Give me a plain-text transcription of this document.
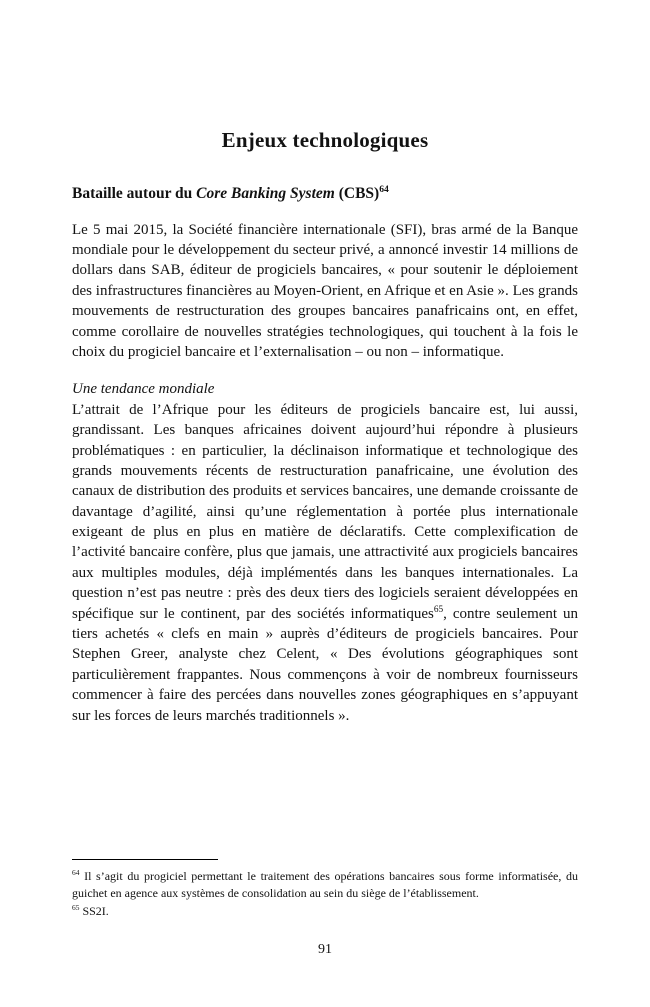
Enjeux technologiques
Bataille autour du Core Banking System (CBS)$^{64}$

Le 5 mai 2015, la Société financière internationale (SFI), bras armé de la Banque mondiale pour le développement du secteur privé, a annoncé investir 14 millions de dollars dans SAB, éditeur de progiciels bancaires, « pour soutenir le déploiement des infrastructures financières au Moyen-Orient, en Afrique et en Asie ». Les grands mouvements de restructuration des groupes bancaires panafricains ont, en effet, comme corollaire de nouvelles stratégies technologiques, qui touchent à la fois le choix du progiciel bancaire et l’externalisation – ou non – informatique.

Une tendance mondiale

L’attrait de l’Afrique pour les éditeurs de progiciels bancaire est, lui aussi, grandissant. Les banques africaines doivent aujourd’hui répondre à plusieurs problématiques : en particulier, la déclinaison informatique et technologique des grands mouvements récents de restructuration panafricaine, une évolution des canaux de distribution des produits et services bancaires, une demande croissante de davantage d’agilité, ainsi qu’une réglementation à portée plus internationale exigeant de plus en plus en matière de déclaratifs. Cette complexification de l’activité bancaire confère, plus que jamais, une attractivité aux progiciels bancaires aux multiples modules, déjà implémentés dans les banques internationales. La question n’est pas neutre : près des deux tiers des logiciels seraient développées en spécifique sur le continent, par des sociétés informatiques$^{65}$, contre seulement un tiers achetés « clefs en main » auprès d’éditeurs de progiciels bancaires. Pour Stephen Greer, analyste chez Celent, « Des évolutions géographiques sont particulièrement frappantes. Nous commençons à voir de nombreux fournisseurs commencer à faire des percées dans nouvelles zones géographiques en s’appuyant sur les forces de leurs marchés traditionnels ».

$^{64}$ Il s’agit du progiciel permettant le traitement des opérations bancaires sous forme informatisée, du guichet en agence aux systèmes de consolidation au sein du siège de l’établissement.

$^{65}$ SS2I.

91
